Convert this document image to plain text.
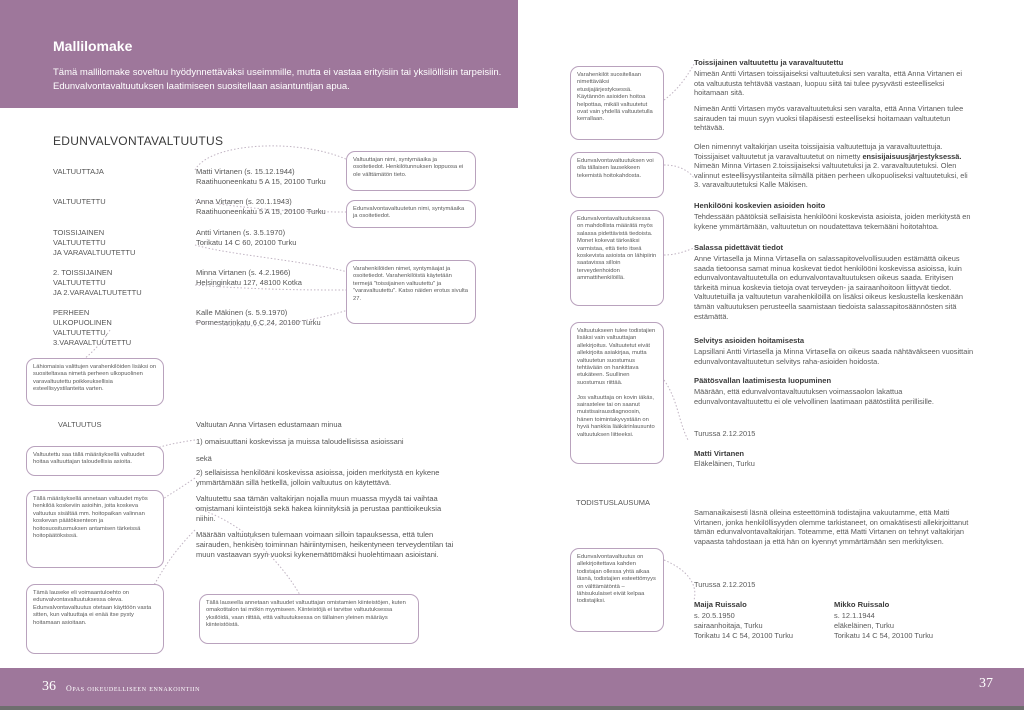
Mallilomake
Tämä mallilomake soveltuu hyödynnettäväksi useimmille, mutta ei vastaa erityisiin tai yksilöllisiin tarpeisiin. Edunvalvontavaltuutuksen laatimiseen suositellaan asiantuntijan apua.
EDUNVALVONTAVALTUUTUS
VALTUUTTAJA	Matti Virtanen (s. 15.12.1944)
Raatihuoneenkatu 5 A 15, 20100 Turku
VALTUUTETTU	Anna Virtanen (s. 20.1.1943)
Raatihuoneenkatu 5 A 15, 20100 Turku
TOISSIJAINEN
VALTUUTETTU
JA VARAVALTUUTETTU
Antti Virtanen (s. 3.5.1970)
Torikatu 14 C 60, 20100 Turku
2. TOISSIJAINEN
VALTUUTETTU
JA 2.VARAVALTUUTETTU
Minna Virtanen (s. 4.2.1966)
Helsinginkatu 127, 48100 Kotka
PERHEEN
ULKOPUOLINEN
VALTUUTETTU,
3.VARAVALTUUTETTU
Kalle Mäkinen (s. 5.9.1970)
Pormestarinkatu 6 C 24, 20100 Turku
Valtuuttajan nimi, syntymäaika ja osoitetiedot. Henkilötunnuksen loppuosa ei ole välttämätön tieto.
Edunvalvontavaltuutetun nimi, syntymäaika ja osoitetiedot.
Varahenkilöiden nimet, syntymäajat ja osoitetiedot. Varahenkilöistä käytetään termejä "toissijainen valtuutettu" ja "varavaltuutettu". Katso näiden erotus sivulta 27.
Lähiomaisia valittujen varahenkilöiden lisäksi on suositeltavaa nimetä perheen ulkopuolinen varavaltuutettu poikkeuksellisia esteellisyystilanteita varten.
Valtuutettu saa tällä määräyksellä valtuudet hoitaa valtuuttajan taloudellisia asioita.
Tällä määräyksellä annetaan valtuudet myös henkilöä koskeviin asioihin, joita koskeva valtuutus sisältää mm. hoitopaikan valinnan koskevan päätöksenteon ja hoitosuositusmuksen antamisen tärkeissä hoitopäätöksissä.
Tämä lauseke eli voimaantuloehto on edunvalvontavaltuutuksessa oleva. Edunvalvontavaltuutus otetaan käyttöön vasta sitten, kun valtuuttaja ei enää itse pysty hoitamaan asioitaan.
Tällä lauseella annetaan valtuudet valtuuttajan omistamien kiinteistöjen, kuten omakotitalon tai mökin myymiseen. Kiinteistöjä ei tarvitse valtuutuksessa yksilöidä, vaan riittää, että valtuutuksessa on tällainen yleinen määräys kiinteistöistä.
VALTUUTUS	Valtuutan Anna Virtasen edustamaan minua
1) omaisuuttani koskevissa ja muissa taloudellisissa asioissani
sekä
2) sellaisissa henkilöäni koskevissa asioissa, joiden merkitystä en kykene ymmärtämään sillä hetkellä, jolloin valtuutus on käytettävä.
Valtuutettu saa tämän valtakirjan nojalla muun muassa myydä tai vaihtaa omistamani kiinteistöjä sekä hakea kiinnityksiä ja perustaa panttioikeuksia niihin.
Määrään valtuutuksen tulemaan voimaan silloin tapauksessa, että tulen sairauden, henkisen toiminnan häiriintymisen, heikentyneen terveydentilan tai muun vastaavan syyn vuoksi kykenemättömäksi huolehtimaan asioistani.
Varahenkilöt suositellaan nimettäväksi etusijajärjestyksessä. Käytännön asioiden hoitoa helpottaa, mikäli valtuutetut ovat vain yhdellä valtuutetulla kerrallaan.
Edunvalvontavaltuutuksen voi olla tällaisen lausekkeen tekemistä hoitokahdosta.
Edunvalvontavaltuutuksessa on mahdollista määrätä myös salassa pidettävistä tiedoista. Monet kokevat tärkeäksi varmistaa, että tieto itseä koskevista asioista on lähipiirin saatavissa silloin terveydenhoidon ammattihenkilöillä.
Valtuutukseen tulee todistajien lisäksi vain valtuuttajan allekirjoitus. Valtuutetut eivät allekirjoita asiakirjaa, mutta valtuutetun suostumus tehtävään on hankittava etukäteen. Suullinen suostumus riittää.

Jos valtuuttaja on kovin iäkäs, sairastelee tai on saanut muistisairausdiagnoosin, hänen toimintakyvystään on hyvä hankkia lääkärinlausunto valtuutuksen liitteeksi.
Edunvalvontavaltuutus on allekirjoitettava kahden todistajan ollessa yhtä aikaa läsnä, todistajien esteettömyys on välttämätöntä – lähisukulaiset eivät kelpaa todistajiksi.
Toissijainen valtuutettu ja varavaltuutettu
Nimeän Antti Virtasen toissijaiseksi valtuutetuksi sen varalta, että Anna Virtanen ei ota valtuutusta tehtävää vastaan, luopuu siitä tai tulee pysyvästi esteelliseksi hoitamaan sitä.
Nimeän Antti Virtasen myös varavaltuutetuksi sen varalta, että Anna Virtanen tulee sairauden tai muun syyn vuoksi tilapäisesti esteelliseksi hoitamaan valtuutetun tehtävää.
Olen nimennyt valtakirjan useita toissijaisia valtuutettuja ja varavaltuutettuja. Toissijaiset valtuutetut ja varavaltuutetut on nimetty ensisijaisuusjärjestyksessä. Nimeän Minna Virtasen 2.toissijaiseksi valtuutetuksi ja 2. varavaltuutetuksi. Olen valinnut esteellisyystilanteita silmällä pitäen perheen ulkopuoliseksi valtuutetuksi, eli 3. varavaltuutetuksi Kalle Mäkisen.
Henkilööni koskevien asioiden hoito
Tehdessään päätöksiä sellaisista henkilööni koskevista asioista, joiden merkitystä en kykene ymmärtämään, valtuutetun on noudatettava tekemääni hoitotahtoa.
Salassa pidettävät tiedot
Anne Virtasella ja Minna Virtasella on salassapitovelvollisuuden estämättä oikeus saada tietoonsa samat minua koskevat tiedot henkilööni koskevissa asioissa, kuin edunvalvontavaltuutetulla on edunvalvontavaltuutuksen oikeus saada. Erityisen tärkeitä minua koskevia tietoja ovat terveyden- ja sairaanhoitoon liittyvät tiedot. Valtuutetuilla ja valtuutetun varahenkilöillä on lisäksi oikeus keskustella keskenään tämän valtuutuksen perusteella saamistaan tiedoista salassapitosäännösten sitä estämättä.
Selvitys asioiden hoitamisesta
Lapsillani Antti Virtasella ja Minna Virtasella on oikeus saada nähtäväkseen vuosittain edunvalvontavaltuutetun selvitys raha-asioiden hoidosta.
Päätösvallan laatimisesta luopuminen
Määrään, että edunvalvontavaltuutuksen voimassaolon lakattua edunvalvontavaltuutettu ei ole velvollinen laatimaan päätöstilitä perillisille.
Turussa 2.12.2015
Matti Virtanen
Eläkeläinen, Turku
TODISTUSLAUSUMA
Samanaikaisesti läsnä olleina esteettöminä todistajina vakuutamme, että Matti Virtanen, jonka henkilöllisyyden olemme tarkistaneet, on omakätisesti allekirjoittanut tämän edunvalvontavaltakirjan. Toteamme, että Matti Virtanen on tehnyt valtakirjan vapaasta tahdostaan ja että hän on kyennyt ymmärtämään sen merkityksen.
Turussa 2.12.2015
Maija Ruissalo
s. 20.5.1950
sairaanhoitaja, Turku
Torikatu 14 C 54, 20100 Turku
Mikko Ruissalo
s. 12.1.1944
eläkeläinen, Turku
Torikatu 14 C 54, 20100 Turku
36 Opas oikeudelliseen ennakointiin	37
